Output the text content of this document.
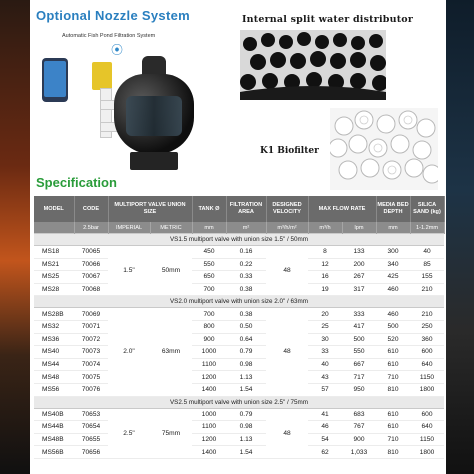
Optional Nozzle System
Automatic Fish Pond Filtration System
⦿
Internal split water distributor
K1 Biofilter
Specification
MODEL	CODE	MULTIPORT VALVE UNION SIZE		TANK Ø	FILTRATION AREA	DESIGNED VELOCITY	MAX FLOW RATE		MEDIA BED DEPTH	SILICA SAND (kg)
	2.5bar	IMPERIAL	METRIC	mm	m²	m³/h/m²	m³/h	lpm	mm	1-1.2mm
VS1.5 multiport valve with union size 1.5" / 50mm										
MS18	70065	1.5"	50mm	450	0.16	48	8	133	300	40
MS21	70066			550	0.22		12	200	340	85
MS25	70067			650	0.33		16	267	425	155
MS28	70068			700	0.38		19	317	460	210
VS2.0 multiport valve with union size 2.0" / 63mm										
MS28B	70069	2.0"	63mm	700	0.38	48	20	333	460	210
MS32	70071			800	0.50		25	417	500	250
MS36	70072			900	0.64		30	500	520	360
MS40	70073			1000	0.79		33	550	610	600
MS44	70074			1100	0.98		40	667	610	640
MS48	70075			1200	1.13		43	717	710	1150
MS56	70076			1400	1.54		57	950	810	1800
VS2.5 multiport valve with union size 2.5" / 75mm										
MS40B	70653	2.5"	75mm	1000	0.79	48	41	683	610	600
MS44B	70654			1100	0.98		46	767	610	640
MS48B	70655			1200	1.13		54	900	710	1150
MS56B	70656			1400	1.54		62	1,033	810	1800
